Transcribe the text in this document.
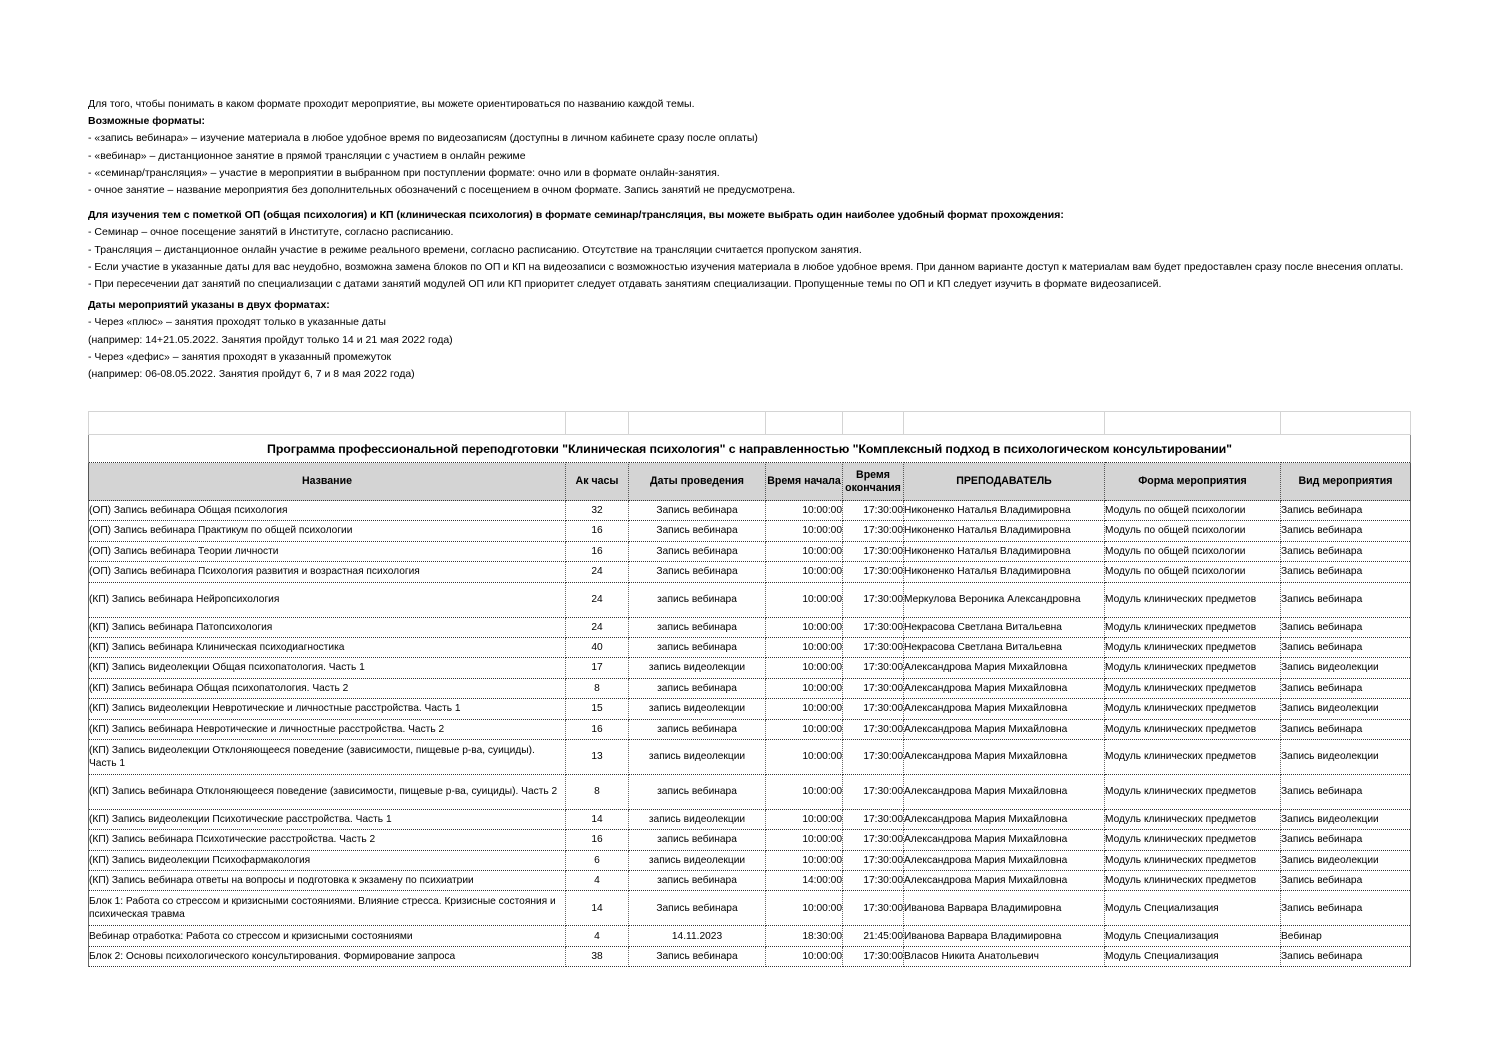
Для того, чтобы понимать в каком формате проходит мероприятие, вы можете ориентироваться по названию каждой темы.

Возможные форматы:

- «запись вебинара» – изучение материала в любое удобное время по видеозаписям (доступны в личном кабинете сразу после оплаты)

- «вебинар» – дистанционное занятие в прямой трансляции с участием в онлайн режиме

- «семинар/трансляция» – участие в мероприятии в выбранном при поступлении формате: очно или в формате онлайн-занятия.

- очное занятие – название мероприятия без дополнительных обозначений с посещением в очном формате. Запись занятий не предусмотрена.

Для изучения тем с пометкой ОП (общая психология) и КП (клиническая психология) в формате семинар/трансляция, вы можете выбрать один наиболее удобный формат прохождения:

- Семинар – очное посещение занятий в Институте, согласно расписанию.

- Трансляция – дистанционное онлайн участие в режиме реального времени, согласно расписанию. Отсутствие на трансляции считается пропуском занятия.

- Если участие в указанные даты для вас неудобно, возможна замена блоков по ОП и КП на видеозаписи с возможностью изучения материала в любое удобное время. При данном варианте доступ к материалам вам будет предоставлен сразу после внесения оплаты.

- При пересечении дат занятий по специализации с датами занятий модулей ОП или КП приоритет следует отдавать занятиям специализации. Пропущенные темы по ОП и КП следует изучить в формате видеозаписей.

Даты мероприятий указаны в двух форматах:

- Через «плюс» – занятия проходят только в указанные даты

(например: 14+21.05.2022. Занятия пройдут только 14 и 21 мая 2022 года)

- Через «дефис» – занятия проходят в указанный промежуток

(например: 06-08.05.2022. Занятия пройдут 6, 7 и 8 мая 2022 года)

Программа профессиональной переподготовки "Клиническая психология" с направленностью "Комплексный подход в психологическом консультировании"							
Название	Ак часы	Даты проведения	Время начала	Время окончания	ПРЕПОДАВАТЕЛЬ	Форма мероприятия	Вид мероприятия
(ОП) Запись вебинара Общая психология	32	Запись вебинара	10:00:00	17:30:00	Никоненко Наталья Владимировна	Модуль по общей психологии	Запись вебинара
(ОП) Запись вебинара Практикум по общей психологии	16	Запись вебинара	10:00:00	17:30:00	Никоненко Наталья Владимировна	Модуль по общей психологии	Запись вебинара
(ОП) Запись вебинара Теории личности	16	Запись вебинара	10:00:00	17:30:00	Никоненко Наталья Владимировна	Модуль по общей психологии	Запись вебинара
(ОП) Запись вебинара Психология развития и возрастная психология	24	Запись вебинара	10:00:00	17:30:00	Никоненко Наталья Владимировна	Модуль по общей психологии	Запись вебинара
(КП) Запись вебинара Нейропсихология	24	запись вебинара	10:00:00	17:30:00	Меркулова Вероника Александровна	Модуль клинических предметов	Запись вебинара
(КП) Запись вебинара Патопсихология	24	запись вебинара	10:00:00	17:30:00	Некрасова Светлана Витальевна	Модуль клинических предметов	Запись вебинара
(КП) Запись вебинара Клиническая психодиагностика	40	запись вебинара	10:00:00	17:30:00	Некрасова Светлана Витальевна	Модуль клинических предметов	Запись вебинара
(КП) Запись видеолекции Общая психопатология. Часть 1	17	запись видеолекции	10:00:00	17:30:00	Александрова Мария Михайловна	Модуль клинических предметов	Запись видеолекции
(КП) Запись вебинара Общая психопатология. Часть 2	8	запись вебинара	10:00:00	17:30:00	Александрова Мария Михайловна	Модуль клинических предметов	Запись вебинара
(КП) Запись видеолекции Невротические и личностные расстройства. Часть 1	15	запись видеолекции	10:00:00	17:30:00	Александрова Мария Михайловна	Модуль клинических предметов	Запись видеолекции
(КП) Запись вебинара Невротические и личностные расстройства. Часть 2	16	запись вебинара	10:00:00	17:30:00	Александрова Мария Михайловна	Модуль клинических предметов	Запись вебинара
(КП) Запись видеолекции Отклоняющееся поведение (зависимости, пищевые р-ва, суициды). Часть 1	13	запись видеолекции	10:00:00	17:30:00	Александрова Мария Михайловна	Модуль клинических предметов	Запись видеолекции
(КП) Запись вебинара Отклоняющееся поведение (зависимости, пищевые р-ва, суициды). Часть 2	8	запись вебинара	10:00:00	17:30:00	Александрова Мария Михайловна	Модуль клинических предметов	Запись вебинара
(КП) Запись видеолекции Психотические расстройства. Часть 1	14	запись видеолекции	10:00:00	17:30:00	Александрова Мария Михайловна	Модуль клинических предметов	Запись видеолекции
(КП) Запись вебинара Психотические расстройства. Часть 2	16	запись вебинара	10:00:00	17:30:00	Александрова Мария Михайловна	Модуль клинических предметов	Запись вебинара
(КП) Запись видеолекции Психофармакология	6	запись видеолекции	10:00:00	17:30:00	Александрова Мария Михайловна	Модуль клинических предметов	Запись видеолекции
(КП) Запись вебинара ответы на вопросы и подготовка к экзамену по психиатрии	4	запись вебинара	14:00:00	17:30:00	Александрова Мария Михайловна	Модуль клинических предметов	Запись вебинара
Блок 1: Работа со стрессом и кризисными состояниями. Влияние стресса. Кризисные состояния и психическая травма	14	Запись вебинара	10:00:00	17:30:00	Иванова Варвара Владимировна	Модуль Специализация	Запись вебинара
Вебинар отработка: Работа со стрессом и кризисными состояниями	4	14.11.2023	18:30:00	21:45:00	Иванова Варвара Владимировна	Модуль Специализация	Вебинар
Блок 2: Основы психологического консультирования. Формирование запроса	38	Запись вебинара	10:00:00	17:30:00	Власов Никита Анатольевич	Модуль Специализация	Запись вебинара
